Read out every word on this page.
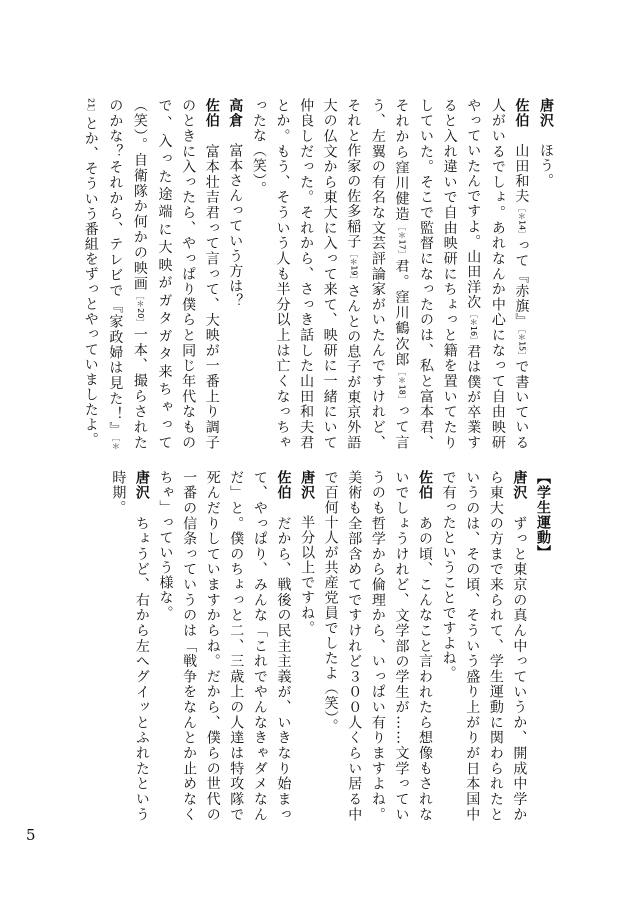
唐沢　ほう。
佐伯　山田和夫［＊14］って『赤旗』［＊15］で書いている人がいるでしょ。あれなんか中心になって自由映研やっていたんですよ。山田洋次［＊16］君は僕が卒業すると入れ違いで自由映研にちょっと籍を置いてたりしていた。そこで監督になったのは、私と富本君、それから窪川健造［＊17］君。窪川鶴次郎［＊18］って言う、左翼の有名な文芸評論家がいたんですけれど、それと作家の佐多稲子［＊19］さんとの息子が東京外語大の仏文から東大に入って来て、映研に一緒にいて仲良しだった。それから、さっき話した山田和夫君とか。もう、そういう人も半分以上は亡くなっちゃったな（笑）。
高倉　富本さんっていう方は？
佐伯　富本壮吉君って言って、大映が一番上り調子のときに入ったら、やっぱり僕らと同じ年代なもので、入った途端に大映がガタガタ来ちゃって（笑）。自衛隊か何かの映画［＊20］一本、撮らされたのかな？それから、テレビで『家政婦は見た！』［＊21］とか、そういう番組をずっとやっていましたよ。
【学生運動】
唐沢　ずっと東京の真ん中っていうか、開成中学から東大の方まで来られて、学生運動に関わられたというのは、その頃、そういう盛り上がりが日本国中で有ったということですよね。
佐伯　あの頃、こんなこと言われたら想像もされないでしょうけれど、文学部の学生が……文学っていうのも哲学から倫理から、いっぱい有りますよね。美術も全部含めてですけれど３００人くらい居る中で百何十人が共産党員でしたよ（笑）。
唐沢　半分以上ですね。
佐伯　だから、戦後の民主主義が、いきなり始まって、やっぱり、みんな「これでやんなきゃダメなんだ」と。僕のちょっと二、三歳上の人達は特攻隊で死んだりしていますからね。だから、僕らの世代の一番の信条っていうのは「戦争をなんとか止めなくちゃ」っていう様な。
唐沢　ちょうど、右から左へグイッとふれたという時期。
5
